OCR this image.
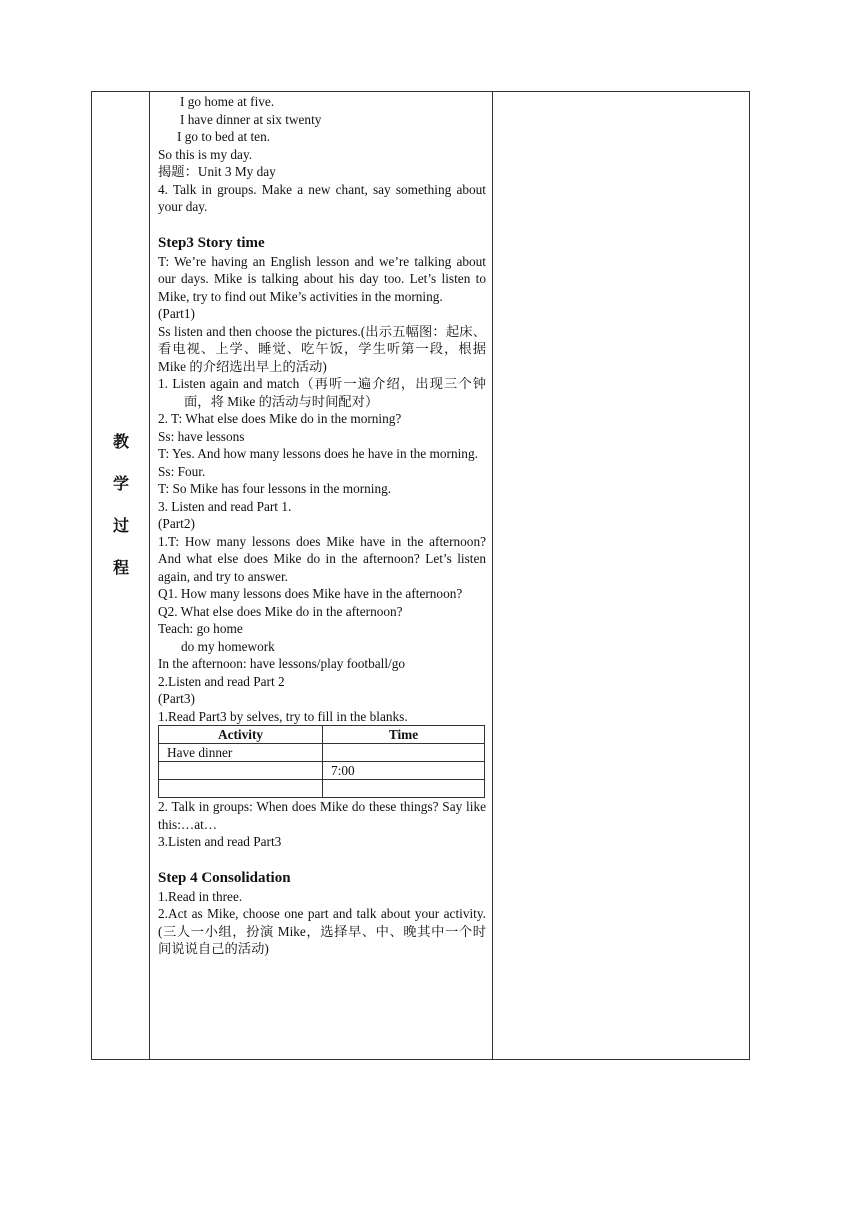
教
学
过
程

I go home at five.

I have dinner at six twenty

I go to bed at ten.

So this is my day.

揭题：Unit 3 My day

4. Talk in groups. Make a new chant, say something about your day.

Step3 Story time

T: We’re having an English lesson and we’re talking about our days. Mike is talking about his day too. Let’s listen to Mike, try to find out Mike’s activities in the morning.

(Part1)

Ss listen and then choose the pictures.(出示五幅图：起床、看电视、上学、睡觉、吃午饭，学生听第一段，根据 Mike 的介绍选出早上的活动)

1. Listen again and match（再听一遍介绍，出现三个钟面，将 Mike 的活动与时间配对）

2. T: What else does Mike do in the morning?

Ss: have lessons

T: Yes. And how many lessons does he have in the morning.

Ss: Four.

T: So Mike has four lessons in the morning.

3. Listen and read Part 1.

(Part2)

1.T: How many lessons does Mike have in the afternoon? And what else does Mike do in the afternoon? Let’s listen again, and try to answer.

Q1. How many lessons does Mike have in the afternoon?

Q2. What else does Mike do in the afternoon?

Teach: go home

do my homework

In the afternoon: have lessons/play football/go

2.Listen and read Part 2

(Part3)

1.Read Part3 by selves, try to fill in the blanks.

Activity	Time
Have dinner	
	7:00

2. Talk in groups: When does Mike do these things? Say like this:…at…

3.Listen and read Part3

Step 4 Consolidation

1.Read in three.

2.Act as Mike, choose one part and talk about your activity.(三人一小组，扮演 Mike，选择早、中、晚其中一个时间说说自己的活动)
